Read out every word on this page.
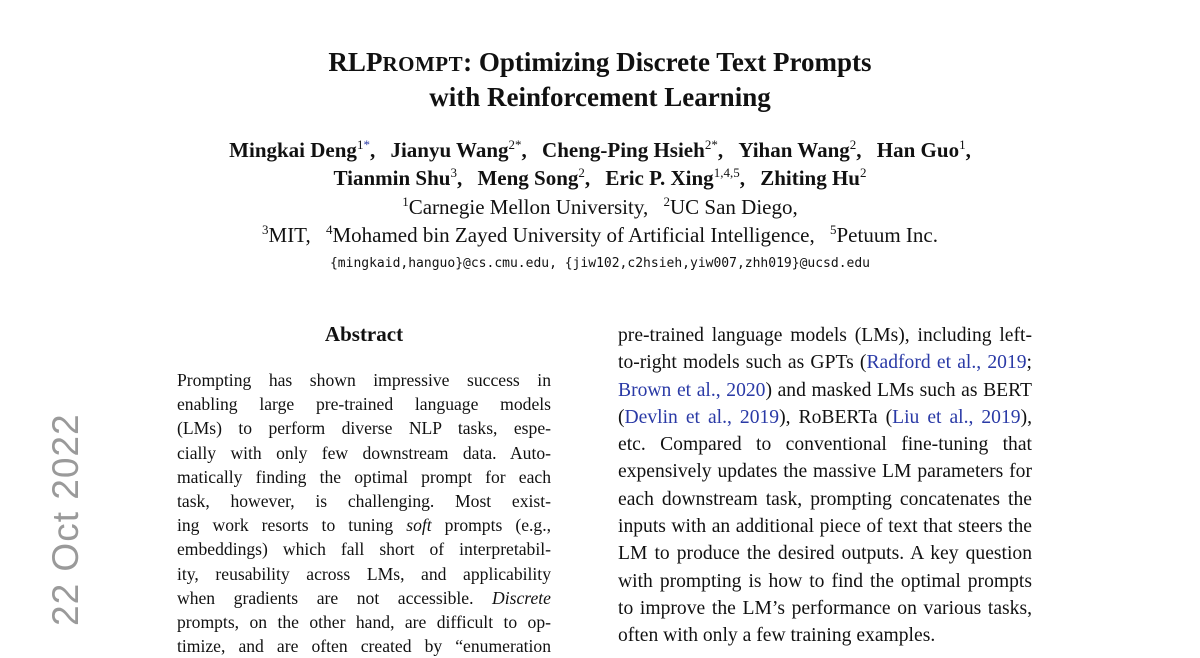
22 Oct 2022
RLPROMPT: Optimizing Discrete Text Prompts
with Reinforcement Learning
Mingkai Deng$^{1*}$, Jianyu Wang$^{2*}$, Cheng-Ping Hsieh$^{2*}$, Yihan Wang$^2$, Han Guo$^1$,
Tianmin Shu$^3$, Meng Song$^2$, Eric P. Xing$^{1,4,5}$, Zhiting Hu$^2$
$^1$Carnegie Mellon University, $^2$UC San Diego,
$^3$MIT, $^4$Mohamed bin Zayed University of Artificial Intelligence, $^5$Petuum Inc.
{mingkaid,hanguo}@cs.cmu.edu, {jiw102,c2hsieh,yiw007,zhh019}@ucsd.edu
Abstract
Prompting has shown impressive success in
enabling large pre-trained language models
(LMs) to perform diverse NLP tasks, espe-
cially with only few downstream data. Auto-
matically finding the optimal prompt for each
task, however, is challenging. Most exist-
ing work resorts to tuning soft prompts (e.g.,
embeddings) which fall short of interpretabil-
ity, reusability across LMs, and applicability
when gradients are not accessible. Discrete
prompts, on the other hand, are difficult to op-
timize, and are often created by “enumeration
pre-trained language models (LMs), including left-
to-right models such as GPTs (Radford et al., 2019;
Brown et al., 2020) and masked LMs such as BERT
(Devlin et al., 2019), RoBERTa (Liu et al., 2019),
etc. Compared to conventional fine-tuning that
expensively updates the massive LM parameters for
each downstream task, prompting concatenates the
inputs with an additional piece of text that steers the
LM to produce the desired outputs. A key question
with prompting is how to find the optimal prompts
to improve the LM’s performance on various tasks,
often with only a few training examples.
